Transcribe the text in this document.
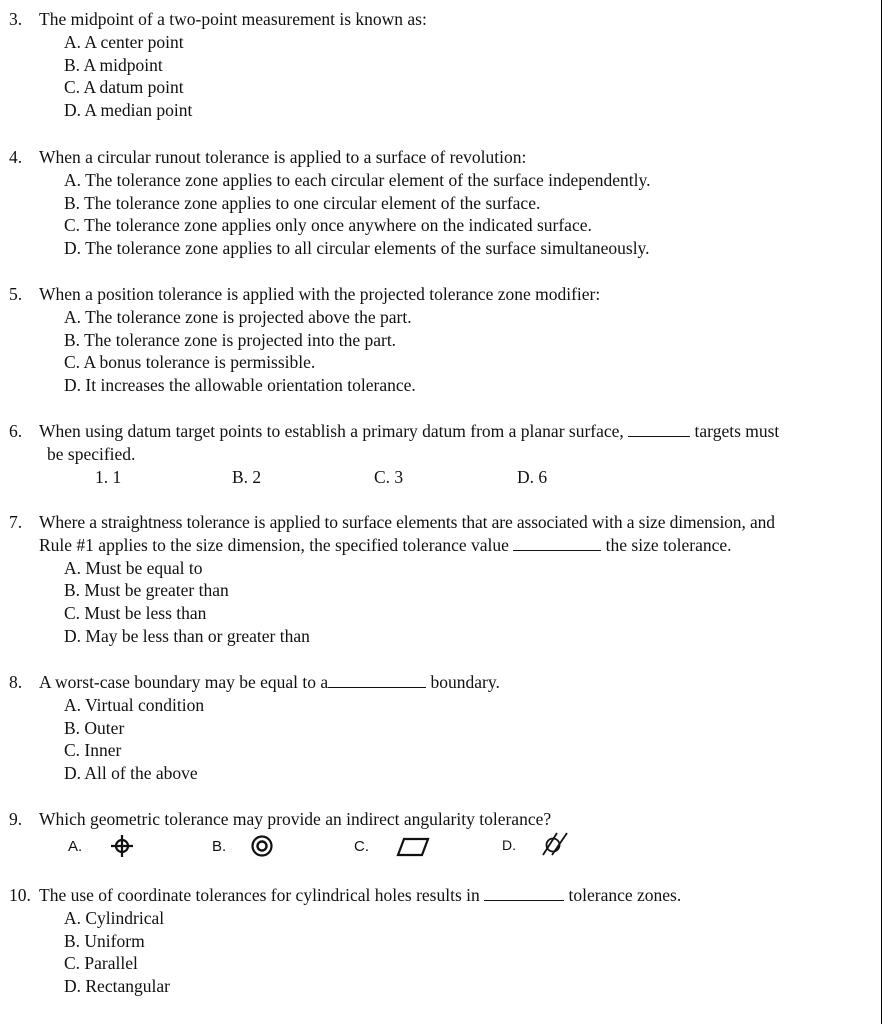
3. The midpoint of a two-point measurement is known as:
A. A center point
B. A midpoint
C. A datum point
D. A median point
4. When a circular runout tolerance is applied to a surface of revolution:
A. The tolerance zone applies to each circular element of the surface independently.
B. The tolerance zone applies to one circular element of the surface.
C. The tolerance zone applies only once anywhere on the indicated surface.
D. The tolerance zone applies to all circular elements of the surface simultaneously.
5. When a position tolerance is applied with the projected tolerance zone modifier:
A. The tolerance zone is projected above the part.
B. The tolerance zone is projected into the part.
C. A bonus tolerance is permissible.
D. It increases the allowable orientation tolerance.
6. When using datum target points to establish a primary datum from a planar surface,	targets must
be specified.
1. 1	B. 2	C. 3	D. 6
7. Where a straightness tolerance is applied to surface elements that are associated with a size dimension, and
Rule #1 applies to the size dimension, the specified tolerance value	the size tolerance.
A. Must be equal to
B. Must be greater than
C. Must be less than
D. May be less than or greater than
8. A worst-case boundary may be equal to a	boundary.
A. Virtual condition
B. Outer
C. Inner
D. All of the above
9. Which geometric tolerance may provide an indirect angularity tolerance?
A.	B.	C.	D.
10. The use of coordinate tolerances for cylindrical holes results in	tolerance zones.
A. Cylindrical
B. Uniform
C. Parallel
D. Rectangular
